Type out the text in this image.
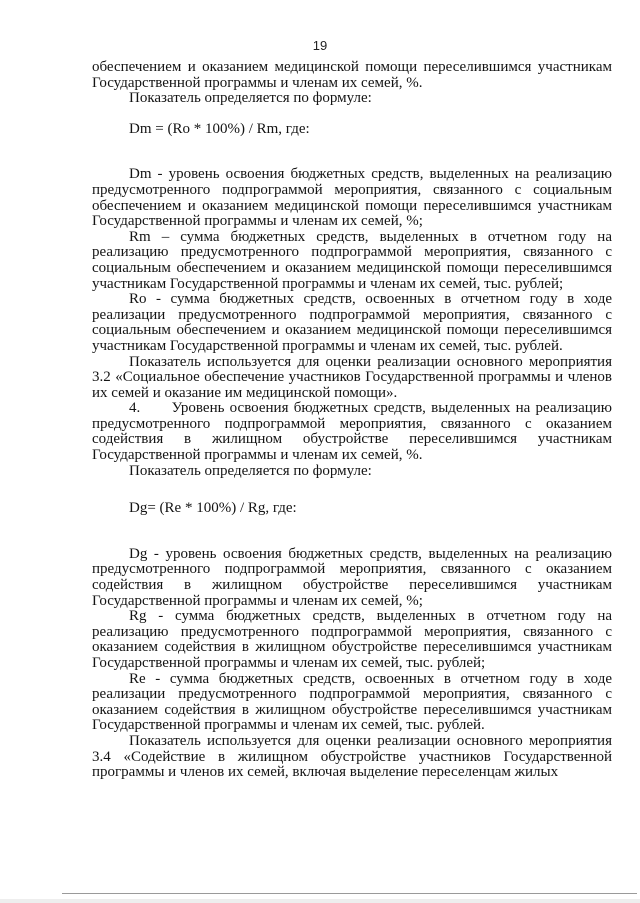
19

обеспечением и оказанием медицинской помощи переселившимся участникам Государственной программы и членам их семей, %.

Показатель определяется по формуле:

Dm = (Ro * 100%) / Rm, где:

Dm - уровень освоения бюджетных средств, выделенных на реализацию предусмотренного подпрограммой мероприятия, связанного с социальным обеспечением и оказанием медицинской помощи переселившимся участникам Государственной программы и членам их семей, %;

Rm – сумма бюджетных средств, выделенных в отчетном году на реализацию предусмотренного подпрограммой мероприятия, связанного с социальным обеспечением и оказанием медицинской помощи переселившимся участникам Государственной программы и членам их семей, тыс. рублей;

Ro - сумма бюджетных средств, освоенных в отчетном году в ходе реализации предусмотренного подпрограммой мероприятия, связанного с социальным обеспечением и оказанием медицинской помощи переселившимся участникам Государственной программы и членам их семей, тыс. рублей.

Показатель используется для оценки реализации основного мероприятия 3.2 «Социальное обеспечение участников Государственной программы и членов их семей и оказание им медицинской помощи».

4.      Уровень освоения бюджетных средств, выделенных на реализацию предусмотренного подпрограммой мероприятия, связанного с оказанием содействия в жилищном обустройстве переселившимся участникам Государственной программы и членам их семей, %.

Показатель определяется по формуле:

Dg= (Re * 100%) / Rg, где:

Dg - уровень освоения бюджетных средств, выделенных на реализацию предусмотренного подпрограммой мероприятия, связанного с оказанием содействия в жилищном обустройстве переселившимся участникам Государственной программы и членам их семей, %;

Rg - сумма бюджетных средств, выделенных в отчетном году на реализацию предусмотренного подпрограммой мероприятия, связанного с оказанием содействия в жилищном обустройстве переселившимся участникам Государственной программы и членам их семей, тыс. рублей;

Re - сумма бюджетных средств, освоенных в отчетном году в ходе реализации предусмотренного подпрограммой мероприятия, связанного с оказанием содействия в жилищном обустройстве переселившимся участникам Государственной программы и членам их семей, тыс. рублей.

Показатель используется для оценки реализации основного мероприятия 3.4 «Содействие в жилищном обустройстве участников Государственной программы и членов их семей, включая выделение переселенцам жилых
